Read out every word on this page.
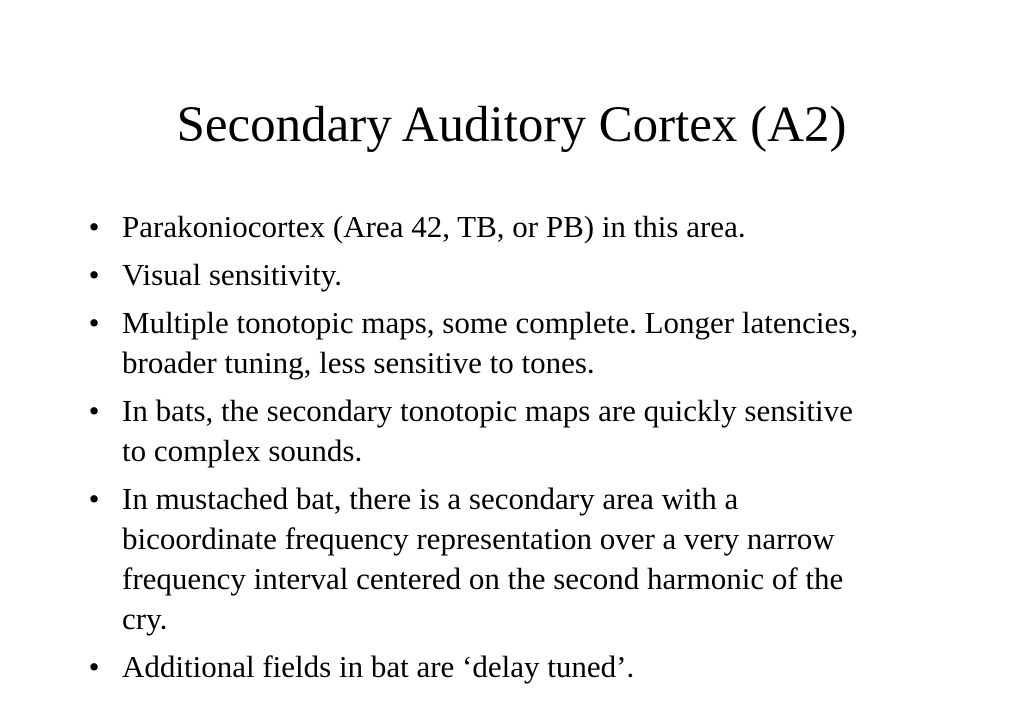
Secondary Auditory Cortex (A2)
• Parakoniocortex (Area 42, TB, or PB) in this area.
• Visual sensitivity.
• Multiple tonotopic maps, some complete. Longer latencies, broader tuning, less sensitive to tones.
• In bats, the secondary tonotopic maps are quickly sensitive to complex sounds.
• In mustached bat, there is a secondary area with a bicoordinate frequency representation over a very narrow frequency interval centered on the second harmonic of the cry.
• Additional fields in bat are ‘delay tuned’.
